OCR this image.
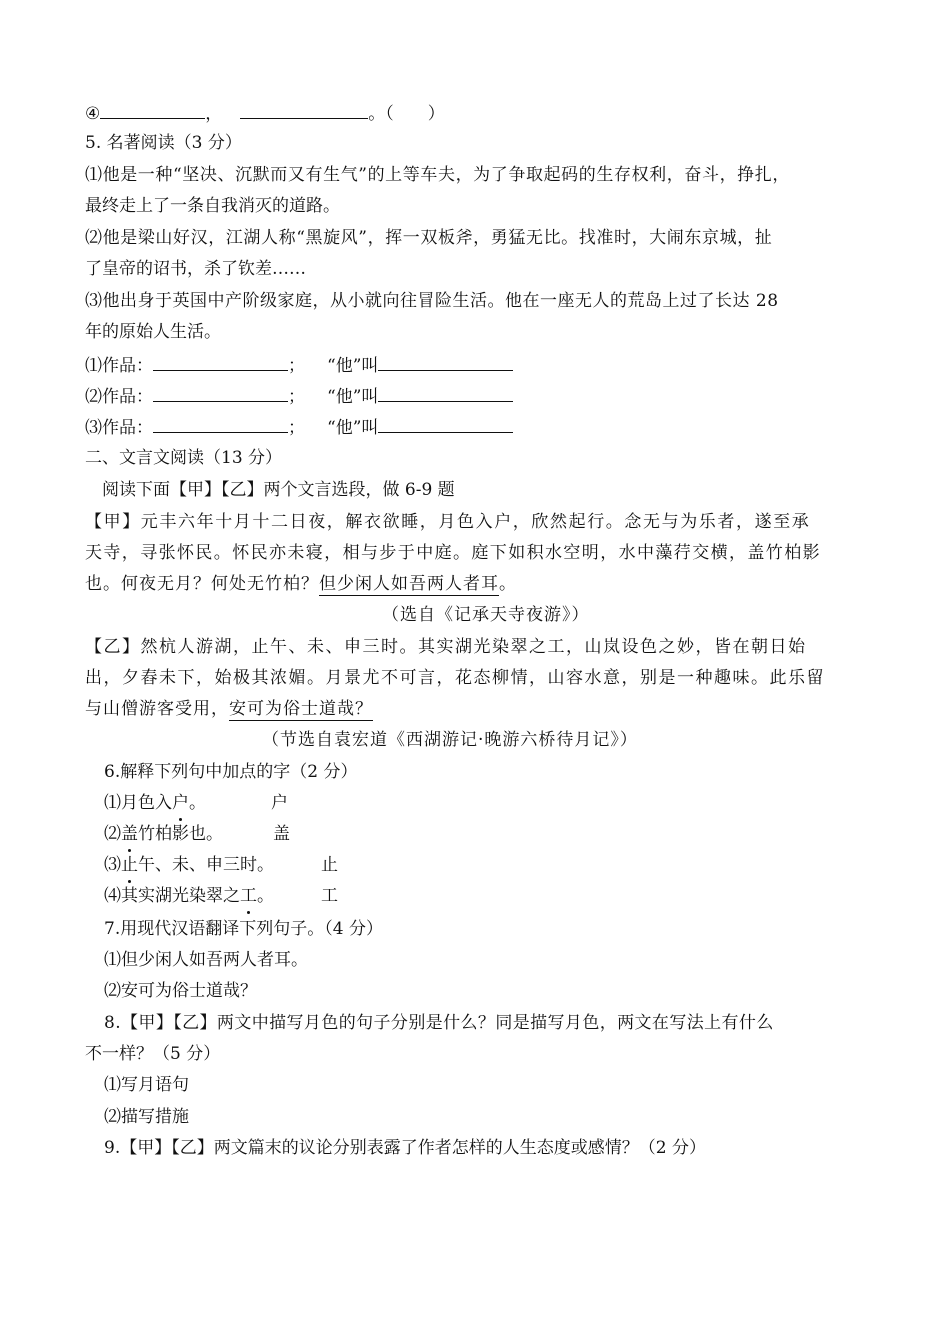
④	，	。（　　）
5. 名著阅读（3 分）
⑴他是一种“坚决、沉默而又有生气”的上等车夫，为了争取起码的生存权利，奋斗，挣扎，
最终走上了一条自我消灭的道路。
⑵他是梁山好汉，江湖人称“黑旋风”，挥一双板斧，勇猛无比。找准时，大闹东京城，扯
了皇帝的诏书，杀了钦差……
⑶他出身于英国中产阶级家庭，从小就向往冒险生活。他在一座无人的荒岛上过了长达 28
年的原始人生活。
⑴作品：	； “他”叫
⑵作品：	； “他”叫
⑶作品：	； “他”叫
二、文言文阅读（13 分）
阅读下面【甲】【乙】两个文言选段，做 6-9 题
【甲】元丰六年十月十二日夜，解衣欲睡，月色入户，欣然起行。念无与为乐者，遂至承
天寺，寻张怀民。怀民亦未寝，相与步于中庭。庭下如积水空明，水中藻荇交横，盖竹柏影
也。何夜无月？何处无竹柏？但少闲人如吾两人者耳。
（选自《记承天寺夜游》）
【乙】然杭人游湖，止午、未、申三时。其实湖光染翠之工，山岚设色之妙，皆在朝日始
出，夕舂未下，始极其浓媚。月景尤不可言，花态柳情，山容水意，别是一种趣味。此乐留
与山僧游客受用，安可为俗士道哉？
（节选自袁宏道《西湖游记·晚游六桥待月记》）
6.解释下列句中加点的字（2 分）
⑴月色入户。	户
⑵盖竹柏影也。	盖
⑶止午、未、申三时。	止
⑷其实湖光染翠之工。	工
7.用现代汉语翻译下列句子。（4 分）
⑴但少闲人如吾两人者耳。
⑵安可为俗士道哉？
8.【甲】【乙】两文中描写月色的句子分别是什么？同是描写月色，两文在写法上有什么
不一样？（5 分）
⑴写月语句
⑵描写措施
9.【甲】【乙】两文篇末的议论分别表露了作者怎样的人生态度或感情？（2 分）
